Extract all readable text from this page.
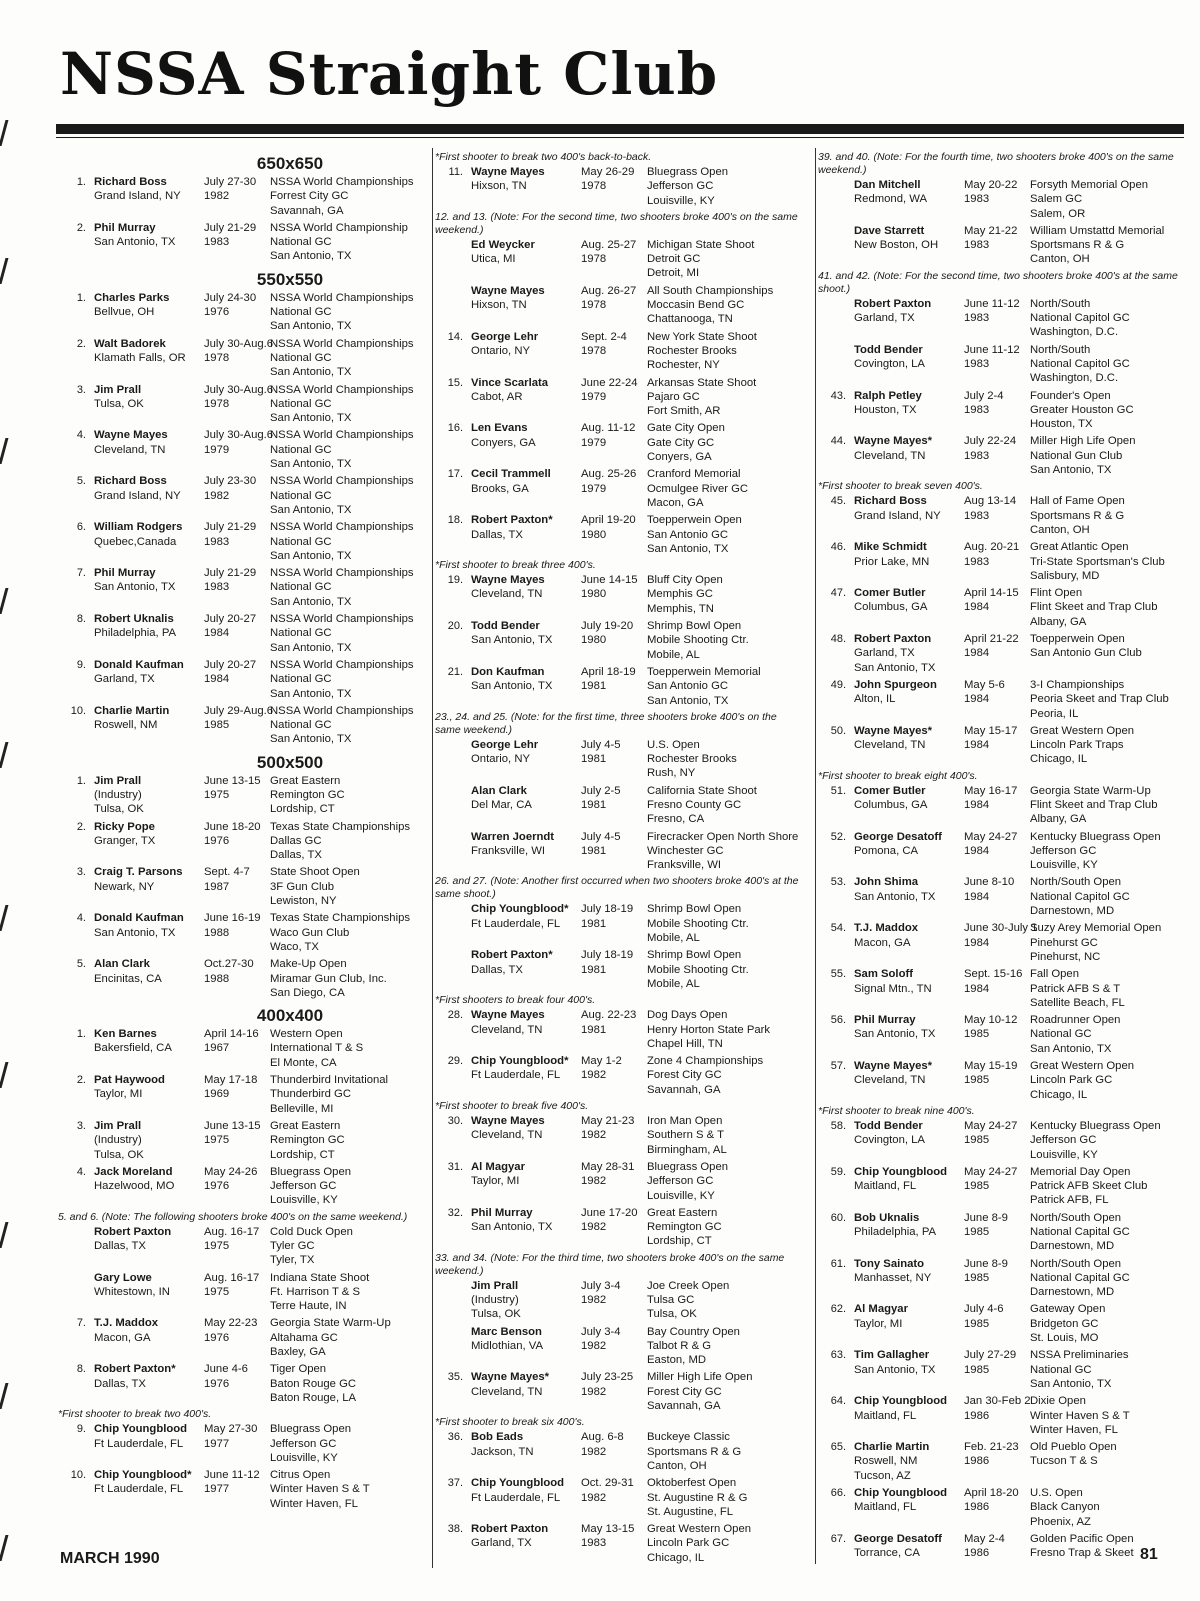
NSSA Straight Club
650x650
1. Richard Boss
Grand Island, NY
July 27-30
1982
NSSA World Championships
Forrest City GC
Savannah, GA
2. Phil Murray
San Antonio, TX
July 21-29
1983
NSSA World Championship
National GC
San Antonio, TX
550x550
1. Charles Parks
Bellvue, OH
July 24-30
1976
NSSA World Championships
National GC
San Antonio, TX
2. Walt Badorek
Klamath Falls, OR
July 30-Aug.6
1978
NSSA World Championships
National GC
San Antonio, TX
3. Jim Prall
Tulsa, OK
July 30-Aug.6
1978
NSSA World Championships
National GC
San Antonio, TX
4. Wayne Mayes
Cleveland, TN
July 30-Aug.6
1979
NSSA World Championships
National GC
San Antonio, TX
5. Richard Boss
Grand Island, NY
July 23-30
1982
NSSA World Championships
National GC
San Antonio, TX
6. William Rodgers
Quebec,Canada
July 21-29
1983
NSSA World Championships
National GC
San Antonio, TX
7. Phil Murray
San Antonio, TX
July 21-29
1983
NSSA World Championships
National GC
San Antonio, TX
8. Robert Uknalis
Philadelphia, PA
July 20-27
1984
NSSA World Championships
National GC
San Antonio, TX
9. Donald Kaufman
Garland, TX
July 20-27
1984
NSSA World Championships
National GC
San Antonio, TX
10. Charlie Martin
Roswell, NM
July 29-Aug.6
1985
NSSA World Championships
National GC
San Antonio, TX
500x500
1. Jim Prall
(Industry)
Tulsa, OK
June 13-15
1975
Great Eastern
Remington GC
Lordship, CT
2. Ricky Pope
Granger, TX
June 18-20
1976
Texas State Championships
Dallas GC
Dallas, TX
3. Craig T. Parsons
Newark, NY
Sept. 4-7
1987
State Shoot Open
3F Gun Club
Lewiston, NY
4. Donald Kaufman
San Antonio, TX
June 16-19
1988
Texas State Championships
Waco Gun Club
Waco, TX
5. Alan Clark
Encinitas, CA
Oct.27-30
1988
Make-Up Open
Miramar Gun Club, Inc.
San Diego, CA
400x400
1. Ken Barnes
Bakersfield, CA
April 14-16
1967
Western Open
International T & S
El Monte, CA
2. Pat Haywood
Taylor, MI
May 17-18
1969
Thunderbird Invitational
Thunderbird GC
Belleville, MI
3. Jim Prall
(Industry)
Tulsa, OK
June 13-15
1975
Great Eastern
Remington GC
Lordship, CT
4. Jack Moreland
Hazelwood, MO
May 24-26
1976
Bluegrass Open
Jefferson GC
Louisville, KY
5. and 6. (Note: The following shooters broke 400's on the same weekend.)
Robert Paxton
Dallas, TX
Aug. 16-17
1975
Cold Duck Open
Tyler GC
Tyler, TX
Gary Lowe
Whitestown, IN
Aug. 16-17
1975
Indiana State Shoot
Ft. Harrison T & S
Terre Haute, IN
7. T.J. Maddox
Macon, GA
May 22-23
1976
Georgia State Warm-Up
Altahama GC
Baxley, GA
8. Robert Paxton*
Dallas, TX
June 4-6
1976
Tiger Open
Baton Rouge GC
Baton Rouge, LA
*First shooter to break two 400's.
9. Chip Youngblood
Ft Lauderdale, FL
May 27-30
1977
Bluegrass Open
Jefferson GC
Louisville, KY
10. Chip Youngblood*
Ft Lauderdale, FL
June 11-12
1977
Citrus Open
Winter Haven S & T
Winter Haven, FL
*First shooter to break two 400's back-to-back.
11. Wayne Mayes
Hixson, TN
May 26-29
1978
Bluegrass Open
Jefferson GC
Louisville, KY
12. and 13. (Note: For the second time, two shooters broke 400's on the same weekend.)
Ed Weycker
Utica, MI
Aug. 25-27
1978
Michigan State Shoot
Detroit GC
Detroit, MI
Wayne Mayes
Hixson, TN
Aug. 26-27
1978
All South Championships
Moccasin Bend GC
Chattanooga, TN
14. George Lehr
Ontario, NY
Sept. 2-4
1978
New York State Shoot
Rochester Brooks
Rochester, NY
15. Vince Scarlata
Cabot, AR
June 22-24
1979
Arkansas State Shoot
Pajaro GC
Fort Smith, AR
16. Len Evans
Conyers, GA
Aug. 11-12
1979
Gate City Open
Gate City GC
Conyers, GA
17. Cecil Trammell
Brooks, GA
Aug. 25-26
1979
Cranford Memorial
Ocmulgee River GC
Macon, GA
18. Robert Paxton*
Dallas, TX
April 19-20
1980
Toepperwein Open
San Antonio GC
San Antonio, TX
*First shooter to break three 400's.
19. Wayne Mayes
Cleveland, TN
June 14-15
1980
Bluff City Open
Memphis GC
Memphis, TN
20. Todd Bender
San Antonio, TX
July 19-20
1980
Shrimp Bowl Open
Mobile Shooting Ctr.
Mobile, AL
21. Don Kaufman
San Antonio, TX
April 18-19
1981
Toepperwein Memorial
San Antonio GC
San Antonio, TX
23., 24. and 25. (Note: for the first time, three shooters broke 400's on the same weekend.)
George Lehr
Ontario, NY
July 4-5
1981
U.S. Open
Rochester Brooks
Rush, NY
Alan Clark
Del Mar, CA
July 2-5
1981
California State Shoot
Fresno County GC
Fresno, CA
Warren Joerndt
Franksville, WI
July 4-5
1981
Firecracker Open North Shore
Winchester GC
Franksville, WI
26. and 27. (Note: Another first occurred when two shooters broke 400's at the same shoot.)
Chip Youngblood*
Ft Lauderdale, FL
July 18-19
1981
Shrimp Bowl Open
Mobile Shooting Ctr.
Mobile, AL
Robert Paxton*
Dallas, TX
July 18-19
1981
Shrimp Bowl Open
Mobile Shooting Ctr.
Mobile, AL
*First shooters to break four 400's.
28. Wayne Mayes
Cleveland, TN
Aug. 22-23
1981
Dog Days Open
Henry Horton State Park
Chapel Hill, TN
29. Chip Youngblood*
Ft Lauderdale, FL
May 1-2
1982
Zone 4 Championships
Forest City GC
Savannah, GA
*First shooter to break five 400's.
30. Wayne Mayes
Cleveland, TN
May 21-23
1982
Iron Man Open
Southern S & T
Birmingham, AL
31. Al Magyar
Taylor, MI
May 28-31
1982
Bluegrass Open
Jefferson GC
Louisville, KY
32. Phil Murray
San Antonio, TX
June 17-20
1982
Great Eastern
Remington GC
Lordship, CT
33. and 34. (Note: For the third time, two shooters broke 400's on the same weekend.)
Jim Prall
(Industry)
Tulsa, OK
July 3-4
1982
Joe Creek Open
Tulsa GC
Tulsa, OK
Marc Benson
Midlothian, VA
July 3-4
1982
Bay Country Open
Talbot R & G
Easton, MD
35. Wayne Mayes*
Cleveland, TN
July 23-25
1982
Miller High Life Open
Forest City GC
Savannah, GA
*First shooter to break six 400's.
36. Bob Eads
Jackson, TN
Aug. 6-8
1982
Buckeye Classic
Sportsmans R & G
Canton, OH
37. Chip Youngblood
Ft Lauderdale, FL
Oct. 29-31
1982
Oktoberfest Open
St. Augustine R & G
St. Augustine, FL
38. Robert Paxton
Garland, TX
May 13-15
1983
Great Western Open
Lincoln Park GC
Chicago, IL
39. and 40. (Note: For the fourth time, two shooters broke 400's on the same weekend.)
Dan Mitchell
Redmond, WA
May 20-22
1983
Forsyth Memorial Open
Salem GC
Salem, OR
Dave Starrett
New Boston, OH
May 21-22
1983
William Umstattd Memorial
Sportsmans R & G
Canton, OH
41. and 42. (Note: For the second time, two shooters broke 400's at the same shoot.)
Robert Paxton
Garland, TX
June 11-12
1983
North/South
National Capitol GC
Washington, D.C.
Todd Bender
Covington, LA
June 11-12
1983
North/South
National Capitol GC
Washington, D.C.
43. Ralph Petley
Houston, TX
July 2-4
1983
Founder's Open
Greater Houston GC
Houston, TX
44. Wayne Mayes*
Cleveland, TN
July 22-24
1983
Miller High Life Open
National Gun Club
San Antonio, TX
*First shooter to break seven 400's.
45. Richard Boss
Grand Island, NY
Aug 13-14
1983
Hall of Fame Open
Sportsmans R & G
Canton, OH
46. Mike Schmidt
Prior Lake, MN
Aug. 20-21
1983
Great Atlantic Open
Tri-State Sportsman's Club
Salisbury, MD
47. Comer Butler
Columbus, GA
April 14-15
1984
Flint Open
Flint Skeet and Trap Club
Albany, GA
48. Robert Paxton
Garland, TX
San Antonio, TX
April 21-22
1984
Toepperwein Open
San Antonio Gun Club
49. John Spurgeon
Alton, IL
May 5-6
1984
3-I Championships
Peoria Skeet and Trap Club
Peoria, IL
50. Wayne Mayes*
Cleveland, TN
May 15-17
1984
Great Western Open
Lincoln Park Traps
Chicago, IL
*First shooter to break eight 400's.
51. Comer Butler
Columbus, GA
May 16-17
1984
Georgia State Warm-Up
Flint Skeet and Trap Club
Albany, GA
52. George Desatoff
Pomona, CA
May 24-27
1984
Kentucky Bluegrass Open
Jefferson GC
Louisville, KY
53. John Shima
San Antonio, TX
June 8-10
1984
North/South Open
National Capitol GC
Darnestown, MD
54. T.J. Maddox
Macon, GA
June 30-July 1
1984
Suzy Arey Memorial Open
Pinehurst GC
Pinehurst, NC
55. Sam Soloff
Signal Mtn., TN
Sept. 15-16
1984
Fall Open
Patrick AFB S & T
Satellite Beach, FL
56. Phil Murray
San Antonio, TX
May 10-12
1985
Roadrunner Open
National GC
San Antonio, TX
57. Wayne Mayes*
Cleveland, TN
May 15-19
1985
Great Western Open
Lincoln Park GC
Chicago, IL
*First shooter to break nine 400's.
58. Todd Bender
Covington, LA
May 24-27
1985
Kentucky Bluegrass Open
Jefferson GC
Louisville, KY
59. Chip Youngblood
Maitland, FL
May 24-27
1985
Memorial Day Open
Patrick AFB Skeet Club
Patrick AFB, FL
60. Bob Uknalis
Philadelphia, PA
June 8-9
1985
North/South Open
National Capital GC
Darnestown, MD
61. Tony Sainato
Manhasset, NY
June 8-9
1985
North/South Open
National Capital GC
Darnestown, MD
62. Al Magyar
Taylor, MI
July 4-6
1985
Gateway Open
Bridgeton GC
St. Louis, MO
63. Tim Gallagher
San Antonio, TX
July 27-29
1985
NSSA Preliminaries
National GC
San Antonio, TX
64. Chip Youngblood
Maitland, FL
Jan 30-Feb 2
1986
Dixie Open
Winter Haven S & T
Winter Haven, FL
65. Charlie Martin
Roswell, NM
Tucson, AZ
Feb. 21-23
1986
Old Pueblo Open
Tucson T & S
66. Chip Youngblood
Maitland, FL
April 18-20
1986
U.S. Open
Black Canyon
Phoenix, AZ
67. George Desatoff
Torrance, CA
May 2-4
1986
Golden Pacific Open
Fresno Trap & Skeet
MARCH 1990	81
